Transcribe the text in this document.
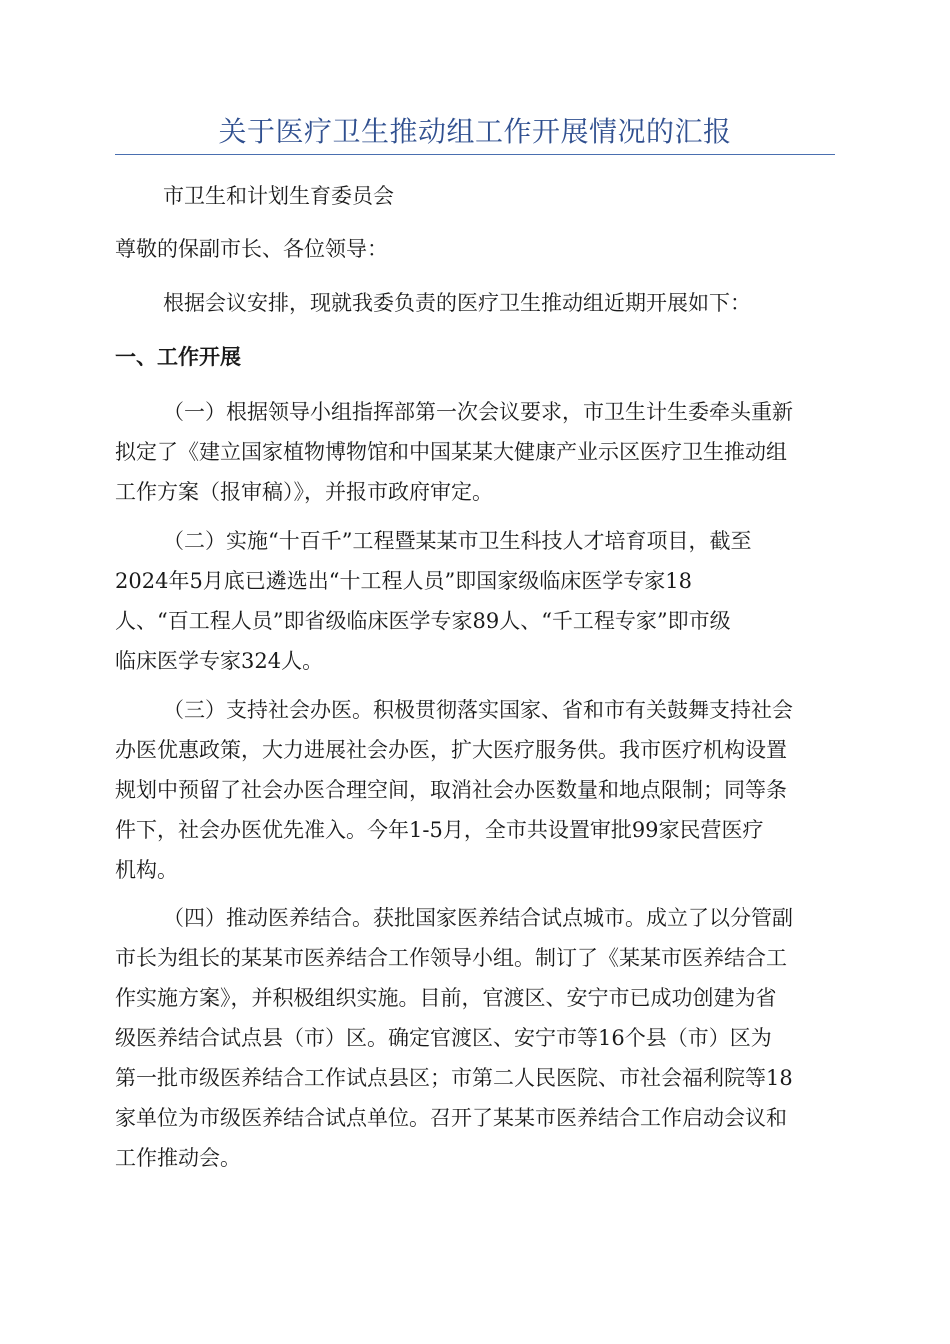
关于医疗卫生推动组工作开展情况的汇报
市卫生和计划生育委员会
尊敬的保副市长、各位领导：
根据会议安排，现就我委负责的医疗卫生推动组近期开展如下：
一、工作开展
（一）根据领导小组指挥部第一次会议要求，市卫生计生委牵头重新
拟定了《建立国家植物博物馆和中国某某大健康产业示区医疗卫生推动组
工作方案（报审稿）》，并报市政府审定。
（二）实施“十百千”工程暨某某市卫生科技人才培育项目，截至
2024年5月底已遴选出“十工程人员”即国家级临床医学专家18
人、“百工程人员”即省级临床医学专家89人、“千工程专家”即市级
临床医学专家324人。
（三）支持社会办医。积极贯彻落实国家、省和市有关鼓舞支持社会
办医优惠政策，大力进展社会办医，扩大医疗服务供。我市医疗机构设置
规划中预留了社会办医合理空间，取消社会办医数量和地点限制；同等条
件下，社会办医优先准入。今年1-5月，全市共设置审批99家民营医疗
机构。
（四）推动医养结合。获批国家医养结合试点城市。成立了以分管副
市长为组长的某某市医养结合工作领导小组。制订了《某某市医养结合工
作实施方案》，并积极组织实施。目前，官渡区、安宁市已成功创建为省
级医养结合试点县（市）区。确定官渡区、安宁市等16个县（市）区为
第一批市级医养结合工作试点县区；市第二人民医院、市社会福利院等18
家单位为市级医养结合试点单位。召开了某某市医养结合工作启动会议和
工作推动会。
